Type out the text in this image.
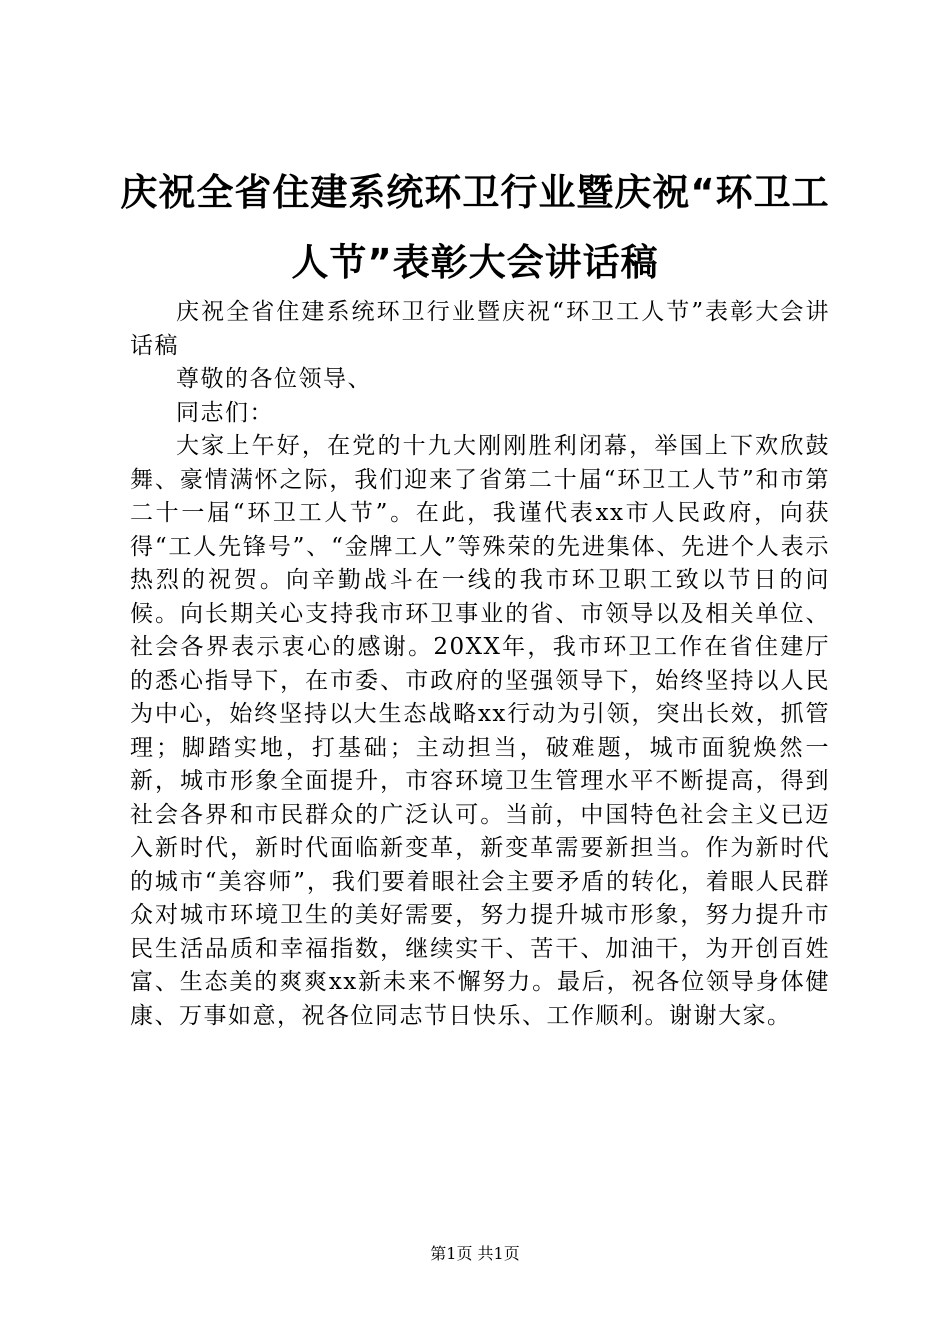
庆祝全省住建系统环卫行业暨庆祝“环卫工人节”表彰大会讲话稿

庆祝全省住建系统环卫行业暨庆祝“环卫工人节”表彰大会讲话稿

尊敬的各位领导、

同志们：

大家上午好，在党的十九大刚刚胜利闭幕，举国上下欢欣鼓舞、豪情满怀之际，我们迎来了省第二十届“环卫工人节”和市第二十一届“环卫工人节”。在此，我谨代表xx市人民政府，向获得“工人先锋号”、“金牌工人”等殊荣的先进集体、先进个人表示热烈的祝贺。向辛勤战斗在一线的我市环卫职工致以节日的问候。向长期关心支持我市环卫事业的省、市领导以及相关单位、社会各界表示衷心的感谢。20XX年，我市环卫工作在省住建厅的悉心指导下，在市委、市政府的坚强领导下，始终坚持以人民为中心，始终坚持以大生态战略xx行动为引领，突出长效，抓管理；脚踏实地，打基础；主动担当，破难题，城市面貌焕然一新，城市形象全面提升，市容环境卫生管理水平不断提高，得到社会各界和市民群众的广泛认可。当前，中国特色社会主义已迈入新时代，新时代面临新变革，新变革需要新担当。作为新时代的城市“美容师”，我们要着眼社会主要矛盾的转化，着眼人民群众对城市环境卫生的美好需要，努力提升城市形象，努力提升市民生活品质和幸福指数，继续实干、苦干、加油干，为开创百姓富、生态美的爽爽xx新未来不懈努力。最后，祝各位领导身体健康、万事如意，祝各位同志节日快乐、工作顺利。谢谢大家。

第1页 共1页
